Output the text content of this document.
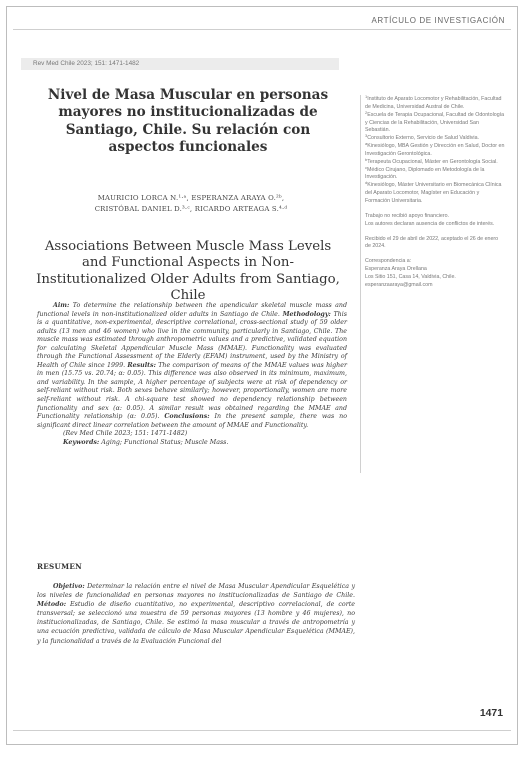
ARTÍCULO DE INVESTIGACIÓN
Rev Med Chile 2023; 151: 1471-1482
Nivel de Masa Muscular en personas mayores no institucionalizadas de Santiago, Chile. Su relación con aspectos funcionales
MAURICIO LORCA N.¹·ᵃ, ESPERANZA ARAYA O.²ᵇ,
CRISTÓBAL DANIEL D.³·ᶜ, RICARDO ARTEAGA S.⁴·ᵈ
Associations Between Muscle Mass Levels and Functional Aspects in Non-Institutionalized Older Adults from Santiago, Chile

Aim: To determine the relationship between the apendicular skeletal muscle mass and functional levels in non-institutionalized older adults in Santiago de Chile. Methodology: This is a quantitative, non-experimental, descriptive correlational, cross-sectional study of 59 older adults (13 men and 46 women) who live in the community, particularly in Santiago, Chile. The muscle mass was estimated through anthropometric values and a predictive, validated equation for calculating Skeletal Appendicular Muscle Mass (MMAE). Functionality was evaluated through the Functional Assessment of the Elderly (EFAM) instrument, used by the Ministry of Health of Chile since 1999. Results: The comparison of means of the MMAE values was higher in men (15.75 vs. 20.74; α: 0.05). This difference was also observed in its minimum, maximum, and variability. In the sample, A higher percentage of subjects were at risk of dependency or self-reliant without risk. Both sexes behave similarly; however, proportionally, women are more self-reliant without risk. A chi-square test showed no dependency relationship between functionality and sex (α: 0.05). A similar result was obtained regarding the MMAE and Functionality relationship (α: 0.05). Conclusions: In the present sample, there was no significant direct linear correlation between the amount of MMAE and Functionality.

(Rev Med Chile 2023; 151: 1471-1482)

Keywords: Aging; Functional Status; Muscle Mass.

RESUMEN

Objetivo: Determinar la relación entre el nivel de Masa Muscular Apendicular Esquelética y los niveles de funcionalidad en personas mayores no institucionalizadas de Santiago de Chile. Método: Estudio de diseño cuantitativo, no experimental, descriptivo correlacional, de corte transversal; se seleccionó una muestra de 59 personas mayores (13 hombre y 46 mujeres), no institucionalizadas, de Santiago, Chile. Se estimó la masa muscular a través de antropometría y una ecuación predictiva, validada de cálculo de Masa Muscular Apendicular Esquelética (MMAE), y la funcionalidad a través de la Evaluación Funcional del

$^1$Instituto de Aparato Locomotor y Rehabilitación, Facultad de Medicina, Universidad Austral de Chile.

$^2$Escuela de Terapia Ocupacional, Facultad de Odontología y Ciencias de la Rehabilitación, Universidad San Sebastián.

$^3$Consultorio Externo, Servicio de Salud Valdivia.

$^a$Kinesiólogo, MBA Gestión y Dirección en Salud, Doctor en Investigación Gerontológica.

$^b$Terapeuta Ocupacional, Máster en Gerontología Social.

$^c$Médico Cirujano, Diplomado en Metodología de la Investigación.

$^d$Kinesiólogo, Máster Universitario en Biomecánica Clínica del Aparato Locomotor, Magíster en Educación y Formación Universitaria.

Trabajo no recibió apoyo financiero.

Los autores declaran ausencia de conflictos de interés.

Recibido el 29 de abril de 2022, aceptado el 26 de enero de 2024.

Correspondencia a:

Esperanza Araya Orellana

Los Sitio 151, Casa 14, Valdivia, Chile.

esperanzaaraya@gmail.com

1471
